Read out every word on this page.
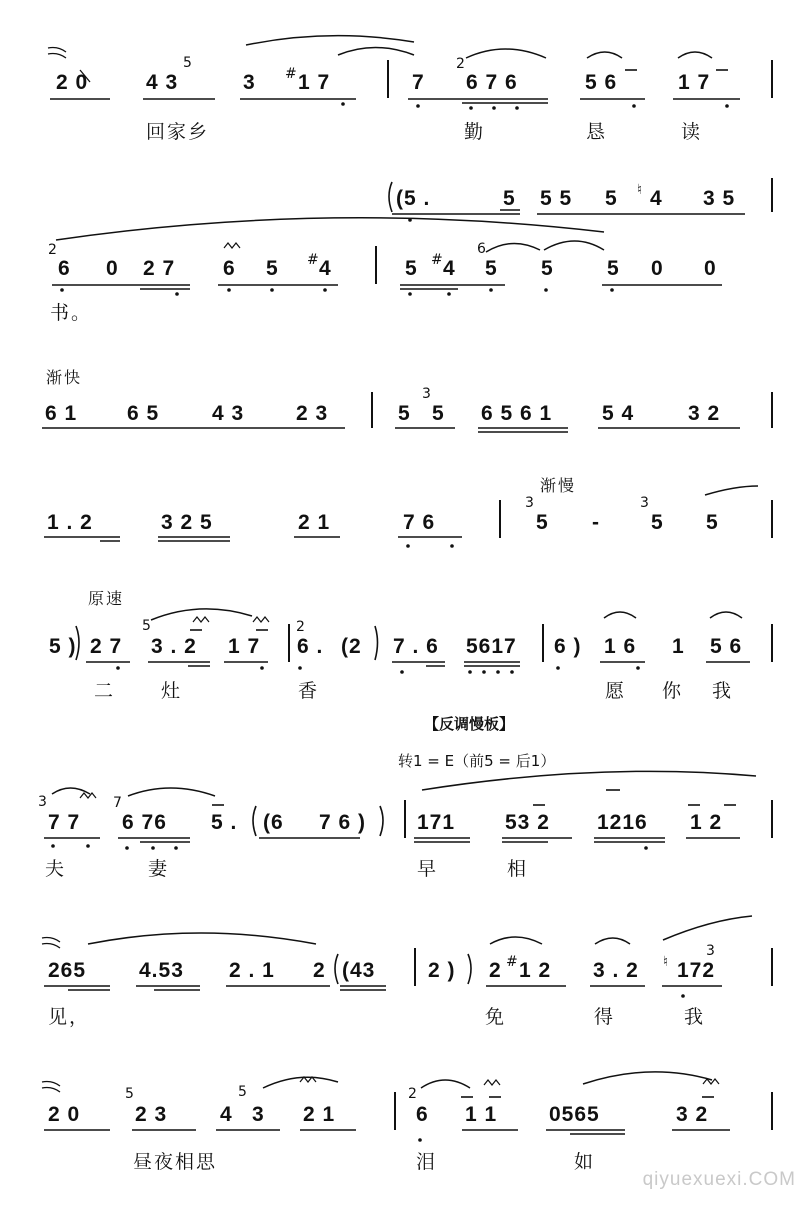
2 0	4 3	3 1 7	7 6 7 6	5 6	1 7
5	2
#
回家乡	勤	恳	读
(5 .	5 5 5 5 4 3 5
♮
6 0 2 7 6 5 4	5 4 5 5	5 0 0
2	6
#	#
书。
渐快
6 1 6 5	4 3 2 3	5 5 6 5 6 1 5 4	3 2
3
渐慢
1 . 2	3 2 5	2 1	7 6	5 - 5 5
3	3
原速
5 ) 2 7 3 . 2 1 7 6 . (2 7 . 6 5617 6 ) 1 6 1 5 6
5	2
二 灶	香	愿 你 我
【反调慢板】
转1 = E（前5 = 后1）
7 7 6 76 5 . (6 7 6 ) 171 53 2 1216 1 2
3	7
夫	妻	早	相
265	4.53 2 . 1 2 (43	2 ) 2 1 2 3 . 2 172
#	♮
3
见，	免	得	我
2 0	2 3	4 3 2 1	6 1 1 0565	3 2
5	5	2
昼夜相思	泪	如
qiyuexuexi.COM
